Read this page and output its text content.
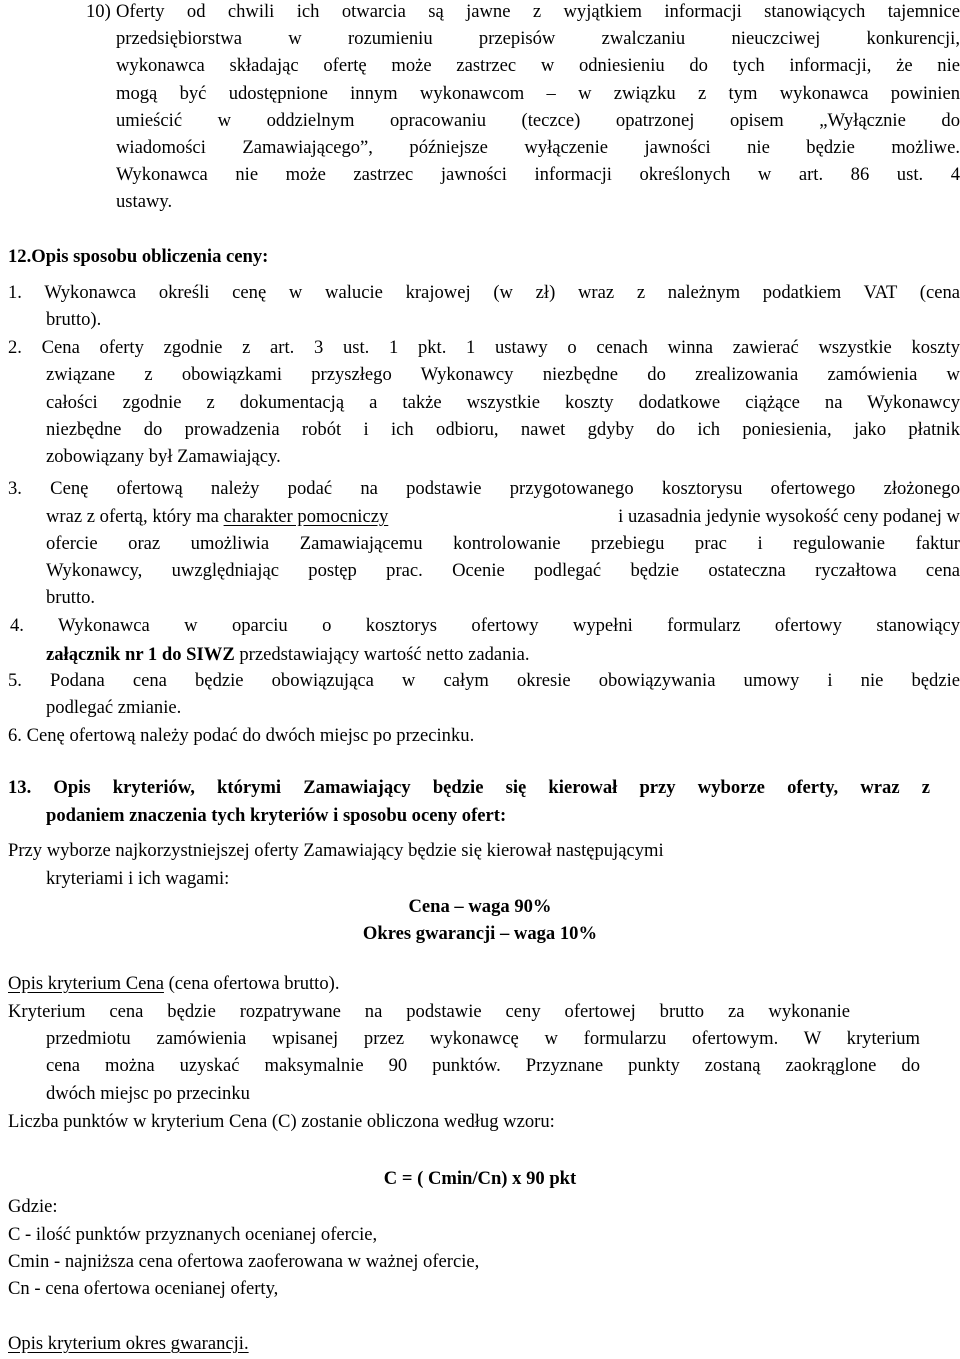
10) Oferty od chwili ich otwarcia są jawne z wyjątkiem informacji stanowiących tajemnice
przedsiębiorstwa w rozumieniu przepisów zwalczaniu nieuczciwej konkurencji,
wykonawca składając ofertę może zastrzec w odniesieniu do tych informacji, że nie
mogą być udostępnione innym wykonawcom – w związku z tym wykonawca powinien
umieścić w oddzielnym opracowaniu (teczce) opatrzonej opisem „Wyłącznie do
wiadomości Zamawiającego”, późniejsze wyłączenie jawności nie będzie możliwe.
Wykonawca nie może zastrzec jawności informacji określonych w art. 86 ust. 4
ustawy.
12.Opis sposobu obliczenia ceny:
1. Wykonawca określi cenę w walucie krajowej (w zł) wraz z należnym podatkiem VAT (cena
brutto).
2. Cena oferty zgodnie z art. 3 ust. 1 pkt. 1 ustawy o cenach winna zawierać wszystkie koszty
związane z obowiązkami przyszłego Wykonawcy niezbędne do zrealizowania zamówienia w
całości zgodnie z dokumentacją a także wszystkie koszty dodatkowe ciążące na Wykonawcy
niezbędne do prowadzenia robót i ich odbioru, nawet gdyby do ich poniesienia, jako płatnik
zobowiązany był Zamawiający.
3. Cenę ofertową należy podać na podstawie przygotowanego kosztorysu ofertowego złożonego
wraz z ofertą, który ma charakter pomocniczy	i uzasadnia jedynie wysokość ceny podanej w
ofercie oraz umożliwia Zamawiającemu kontrolowanie przebiegu prac i regulowanie faktur
Wykonawcy, uwzględniając postęp prac. Ocenie podlegać będzie ostateczna ryczałtowa cena
brutto.
4. Wykonawca w oparciu o kosztorys ofertowy wypełni formularz ofertowy stanowiący
załącznik nr 1 do SIWZ przedstawiający wartość netto zadania.
5. Podana cena będzie obowiązująca w całym okresie obowiązywania umowy i nie będzie
podlegać zmianie.
6. Cenę ofertową należy podać do dwóch miejsc po przecinku.
13. Opis kryteriów, którymi Zamawiający będzie się kierował przy wyborze oferty, wraz z
podaniem znaczenia tych kryteriów i sposobu oceny ofert:
Przy wyborze najkorzystniejszej oferty Zamawiający będzie się kierował następującymi
kryteriami i ich wagami:
Cena – waga 90%
Okres gwarancji – waga 10%
Opis kryterium Cena (cena ofertowa brutto).
Kryterium cena będzie rozpatrywane na podstawie ceny ofertowej brutto za wykonanie
przedmiotu zamówienia wpisanej przez wykonawcę w formularzu ofertowym. W kryterium
cena można uzyskać maksymalnie 90 punktów. Przyznane punkty zostaną zaokrąglone do
dwóch miejsc po przecinku
Liczba punktów w kryterium Cena (C) zostanie obliczona według wzoru:
C = ( Cmin/Cn) x 90 pkt
Gdzie:
C - ilość punktów przyznanych ocenianej ofercie,
Cmin - najniższa cena ofertowa zaoferowana w ważnej ofercie,
Cn - cena ofertowa ocenianej oferty,
Opis kryterium okres gwarancji.
